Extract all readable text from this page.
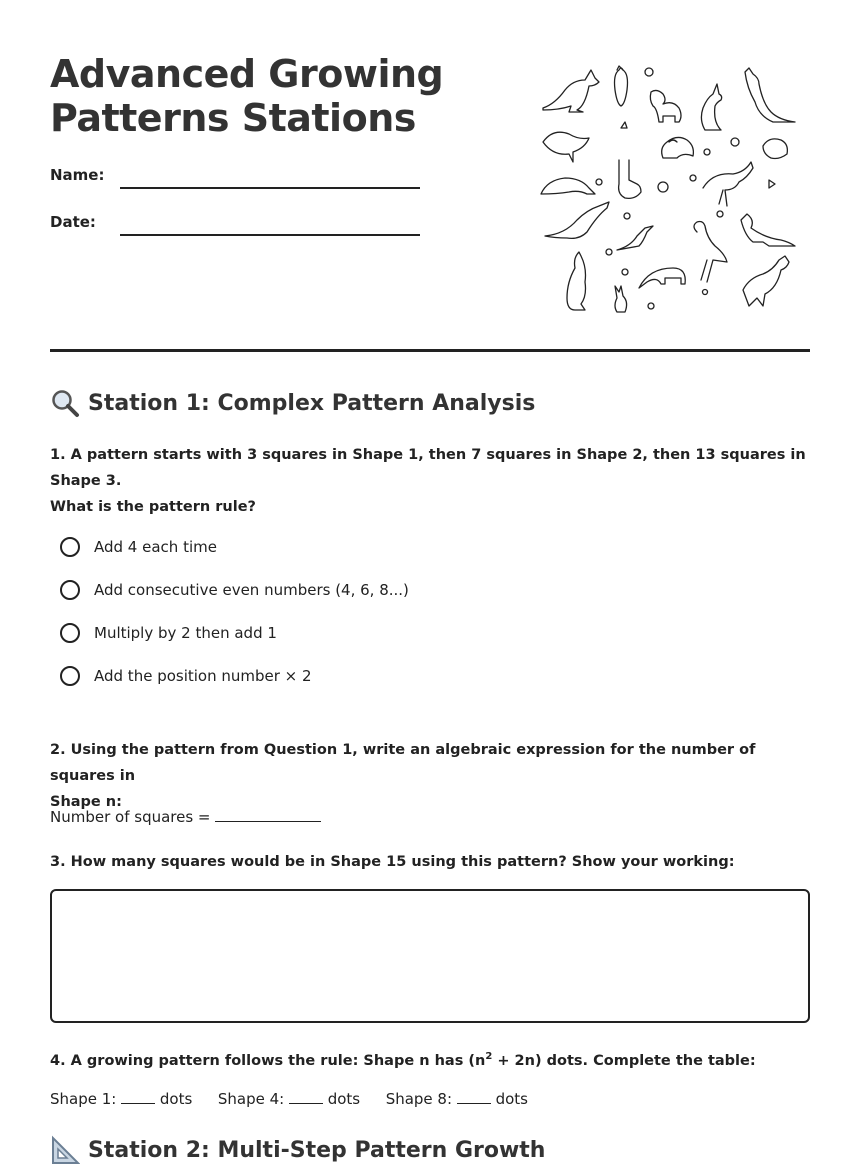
Advanced Growing
Patterns Stations
Name:
Date:
Station 1: Complex Pattern Analysis
1. A pattern starts with 3 squares in Shape 1, then 7 squares in Shape 2, then 13 squares in Shape 3.
What is the pattern rule?
Add 4 each time
Add consecutive even numbers (4, 6, 8...)
Multiply by 2 then add 1
Add the position number × 2
2. Using the pattern from Question 1, write an algebraic expression for the number of squares in
Shape n:
Number of squares =
3. How many squares would be in Shape 15 using this pattern? Show your working:
4. A growing pattern follows the rule: Shape n has $(n^2 + 2n)$ dots. Complete the table:
Shape 1:  dots Shape 4:  dots Shape 8:  dots
Station 2: Multi-Step Pattern Growth
